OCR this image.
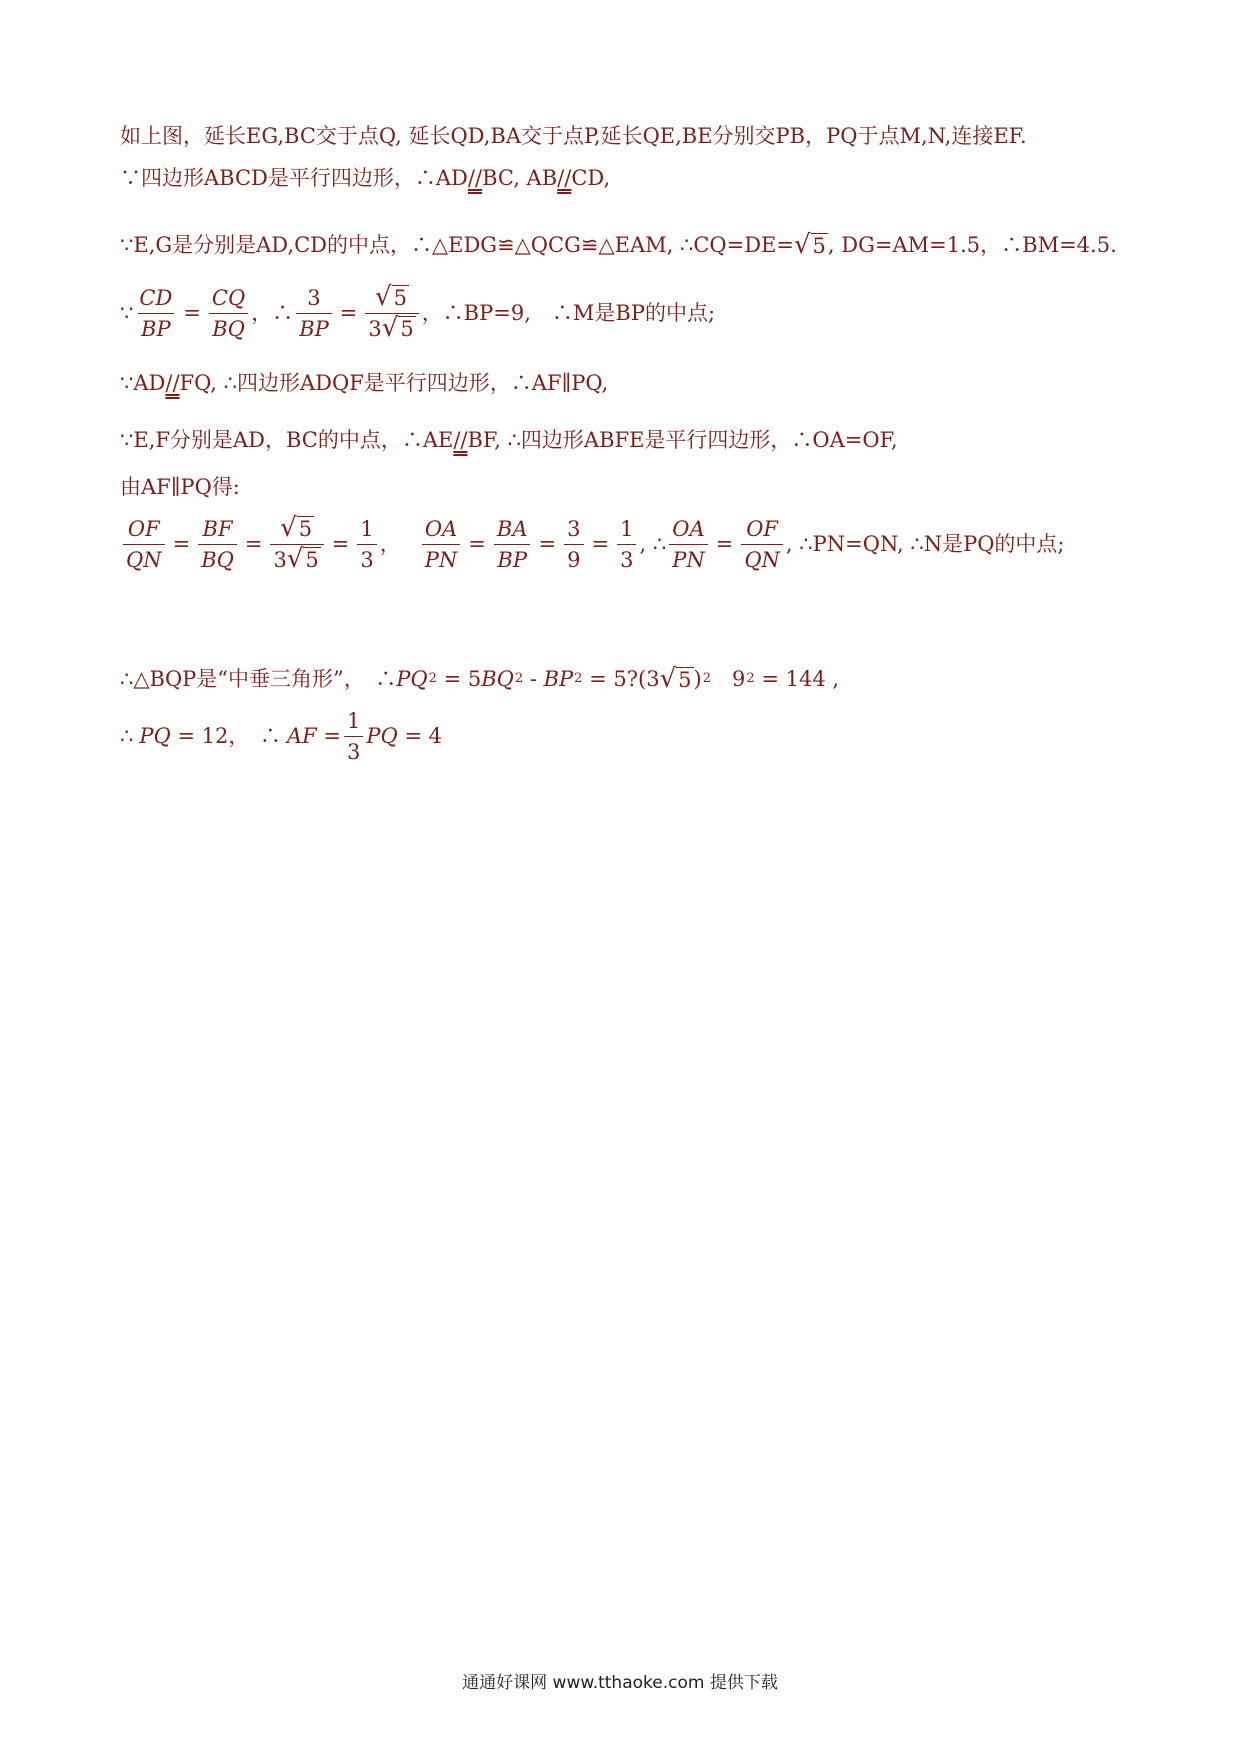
如上图，延长EG,BC交于点Q, 延长QD,BA交于点P,延长QE,BE分别交PB，PQ于点M,N,连接EF.
∵四边形ABCD是平行四边形，∴AD // BC, AB // CD,
∵E,G是分别是AD,CD的中点，∴△EDG≌△QCG≌△EAM, ∴CQ=DE= √ 5 , DG=AM=1.5，∴BM=4.5.
∵ $\frac{CD}{BP} = \frac{CQ}{BQ}$ ，∴ $\frac{3}{BP} = \frac{√ 5}{3 √ 5}$ ，∴BP=9,　∴M是BP的中点;
∵AD // FQ, ∴四边形ADQF是平行四边形，∴AF∥PQ,
∵E,F分别是AD，BC的中点，∴AE // BF, ∴四边形ABFE是平行四边形，∴OA=OF,
由AF∥PQ得:
$\frac{OF}{QN} = \frac{BF}{BQ} = \frac{√ 5}{3 √ 5} = \frac{1}{3}$ ， $\frac{OA}{PN} = \frac{BA}{BP} = \frac{3}{9} = \frac{1}{3}$ , ∴ $\frac{OA}{PN} = \frac{OF}{QN}$ , ∴PN=QN, ∴N是PQ的中点;
∴△BQP是“中垂三角形”，　∴ PQ 2 = 5 BQ 2 - BP 2 = 5?(3 √ 5 ) 2 　9 2 = 144 ,
∴ PQ = 12，　∴ AF = $\frac{1}{3}$ PQ = 4
通通好课网 www.tthaoke.com 提供下载
